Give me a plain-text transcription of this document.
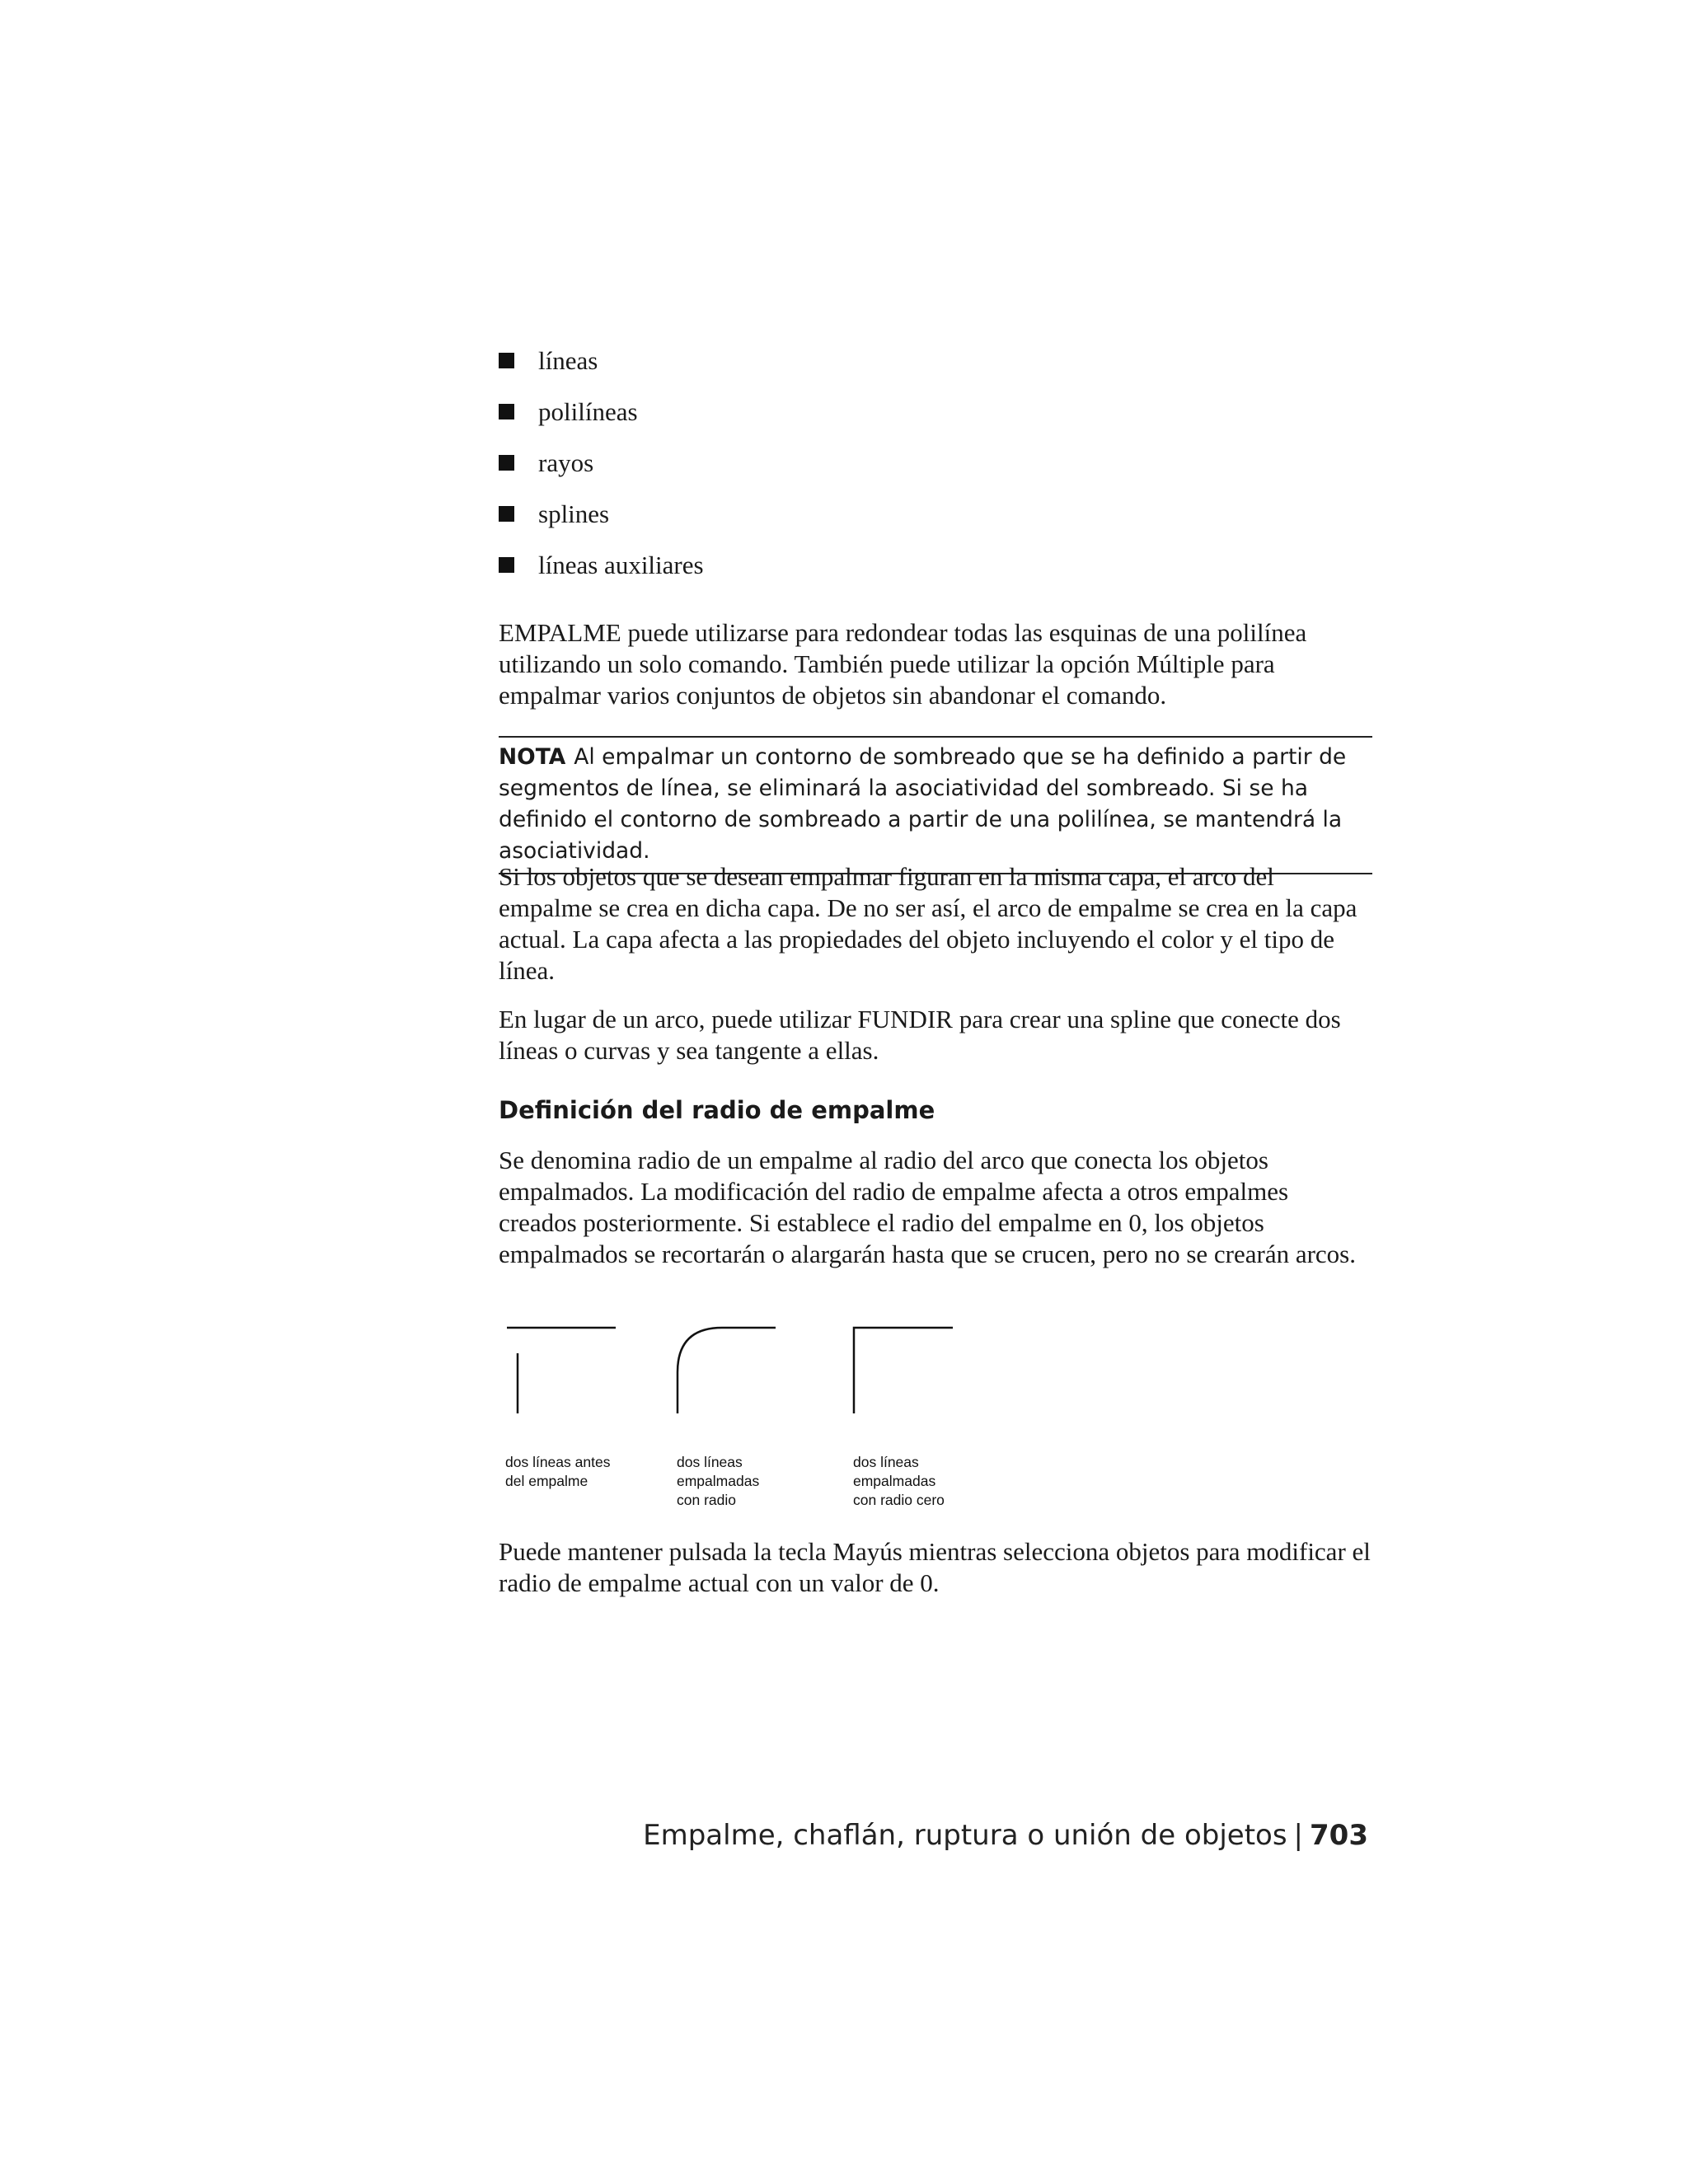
líneas
polilíneas
rayos
splines
líneas auxiliares

EMPALME puede utilizarse para redondear todas las esquinas de una polilínea utilizando un solo comando. También puede utilizar la opción Múltiple para empalmar varios conjuntos de objetos sin abandonar el comando.

NOTA Al empalmar un contorno de sombreado que se ha definido a partir de segmentos de línea, se eliminará la asociatividad del sombreado. Si se ha definido el contorno de sombreado a partir de una polilínea, se mantendrá la asociatividad.

Si los objetos que se desean empalmar figuran en la misma capa, el arco del empalme se crea en dicha capa. De no ser así, el arco de empalme se crea en la capa actual. La capa afecta a las propiedades del objeto incluyendo el color y el tipo de línea.

En lugar de un arco, puede utilizar FUNDIR para crear una spline que conecte dos líneas o curvas y sea tangente a ellas.

Definición del radio de empalme

Se denomina radio de un empalme al radio del arco que conecta los objetos empalmados. La modificación del radio de empalme afecta a otros empalmes creados posteriormente. Si establece el radio del empalme en 0, los objetos empalmados se recortarán o alargarán hasta que se crucen, pero no se crearán arcos.

dos líneas antes
del empalme
dos líneas
empalmadas
con radio
dos líneas
empalmadas
con radio cero

Puede mantener pulsada la tecla Mayús mientras selecciona objetos para modificar el radio de empalme actual con un valor de 0.

Empalme, chaflán, ruptura o unión de objetos | 703
